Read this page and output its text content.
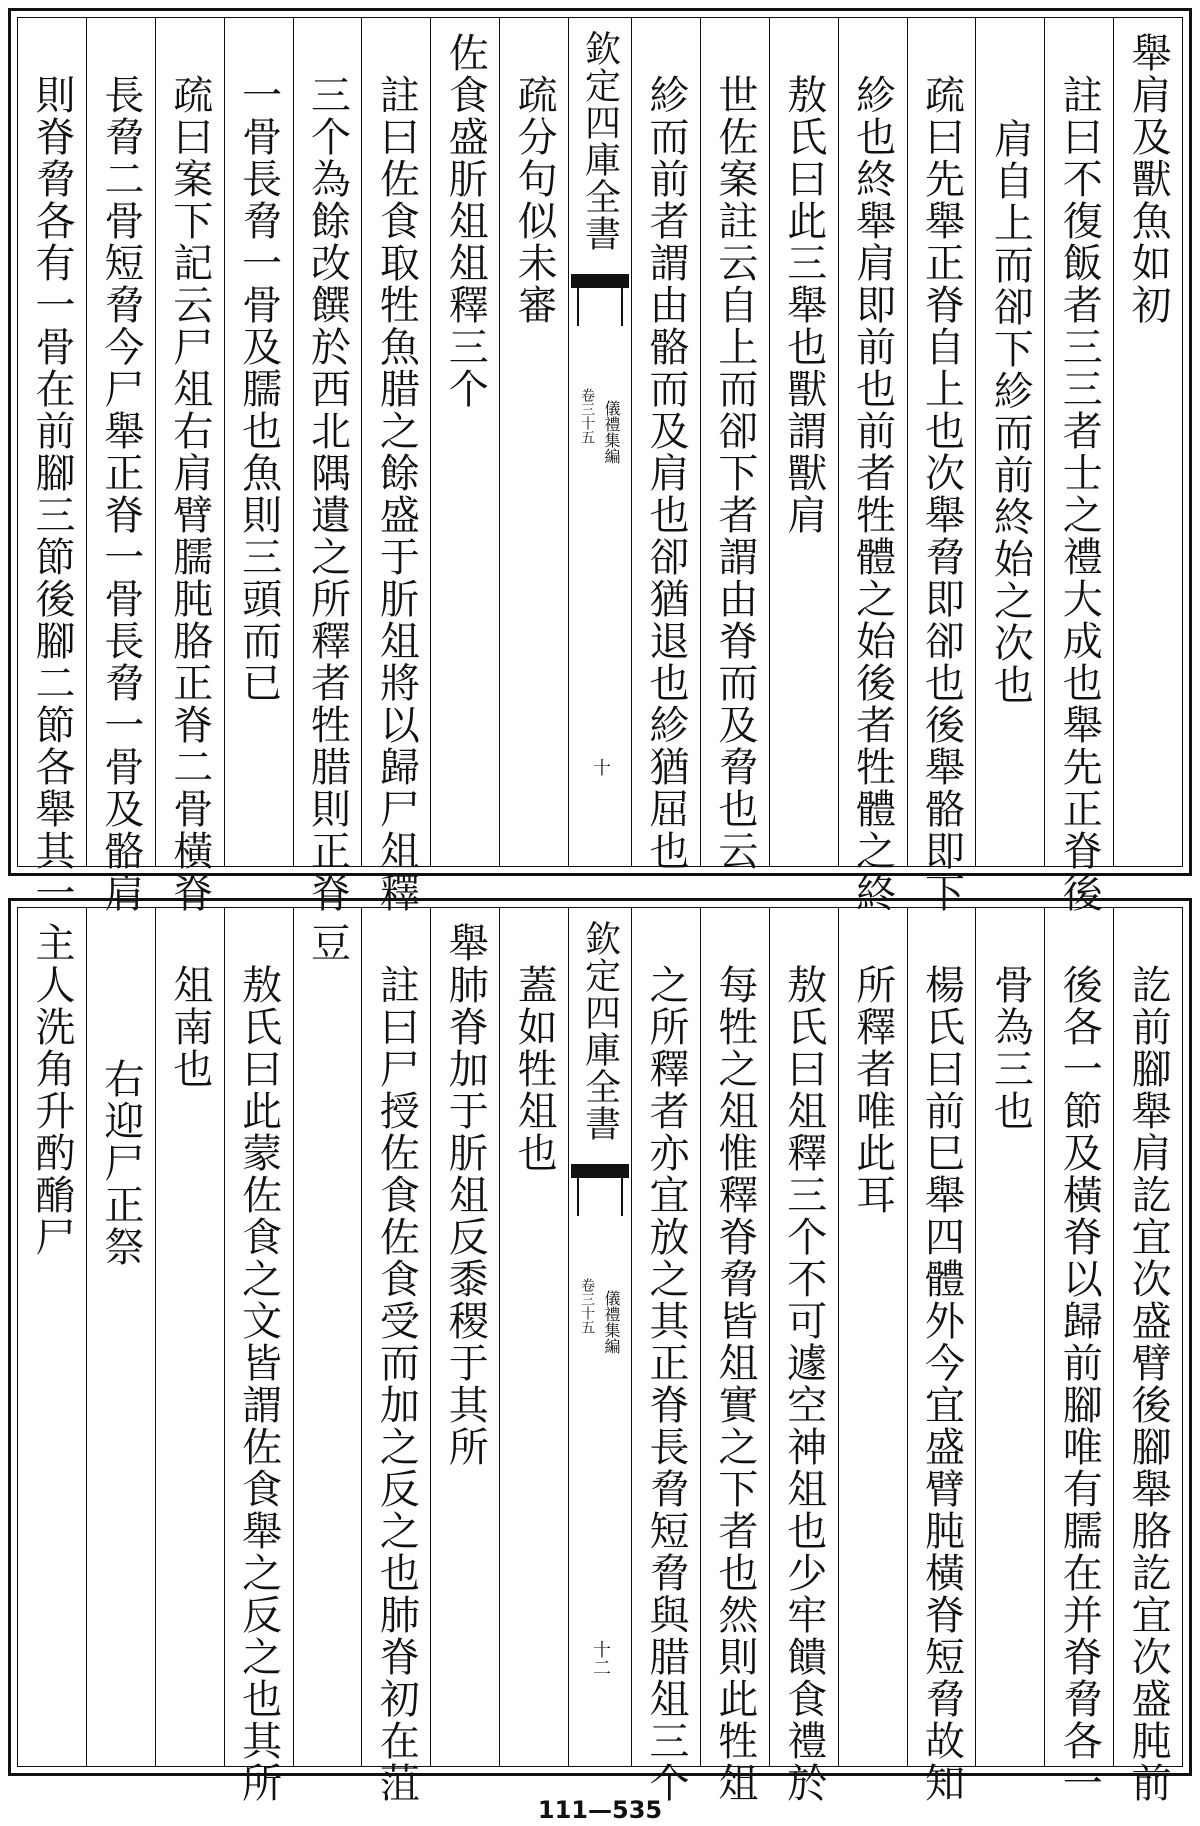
舉肩及獸魚如初
註曰不復飯者三三者士之禮大成也舉先正脊後
肩自上而卻下紾而前終始之次也
疏曰先舉正脊自上也次舉脅即卻也後舉骼即下
紾也終舉肩即前也前者牲體之始後者牲體之終
敖氏曰此三舉也獸謂獸肩
世佐案註云自上而卻下者謂由脊而及脅也云
紾而前者謂由骼而及肩也卻猶退也紾猶屈也
欽定四庫全書
儀禮集編
卷三十五
十
疏分句似未審
佐食盛肵俎俎釋三个
註曰佐食取牲魚腊之餘盛于肵俎將以歸尸俎釋
三个為餘改饌於西北隅遺之所釋者牲腊則正脊
一骨長脅一骨及臑也魚則三頭而已
疏曰案下記云尸俎右肩臂臑肫胳正脊二骨橫脊
長脅二骨短脅今尸舉正脊一骨長脅一骨及骼肩
則脊脅各有一骨在前腳三節後腳二節各舉其一
訖前腳舉肩訖宜次盛臂後腳舉胳訖宜次盛肫前
後各一節及橫脊以歸前腳唯有臑在并脊脅各一
骨為三也
楊氏曰前巳舉四體外今宜盛臂肫橫脊短脅故知
所釋者唯此耳
敖氏曰俎釋三个不可遽空神俎也少牢饋食禮於
每牲之俎惟釋脊脅皆俎實之下者也然則此牲俎
之所釋者亦宜放之其正脊長脅短脅與腊俎三个
欽定四庫全書
儀禮集編
卷三十五
十二
蓋如牲俎也
舉肺脊加于肵俎反黍稷于其所
註曰尸授佐食佐食受而加之反之也肺脊初在菹
豆
敖氏曰此蒙佐食之文皆謂佐食舉之反之也其所
俎南也
右迎尸正祭
主人洗角升酌酳尸
111—535
